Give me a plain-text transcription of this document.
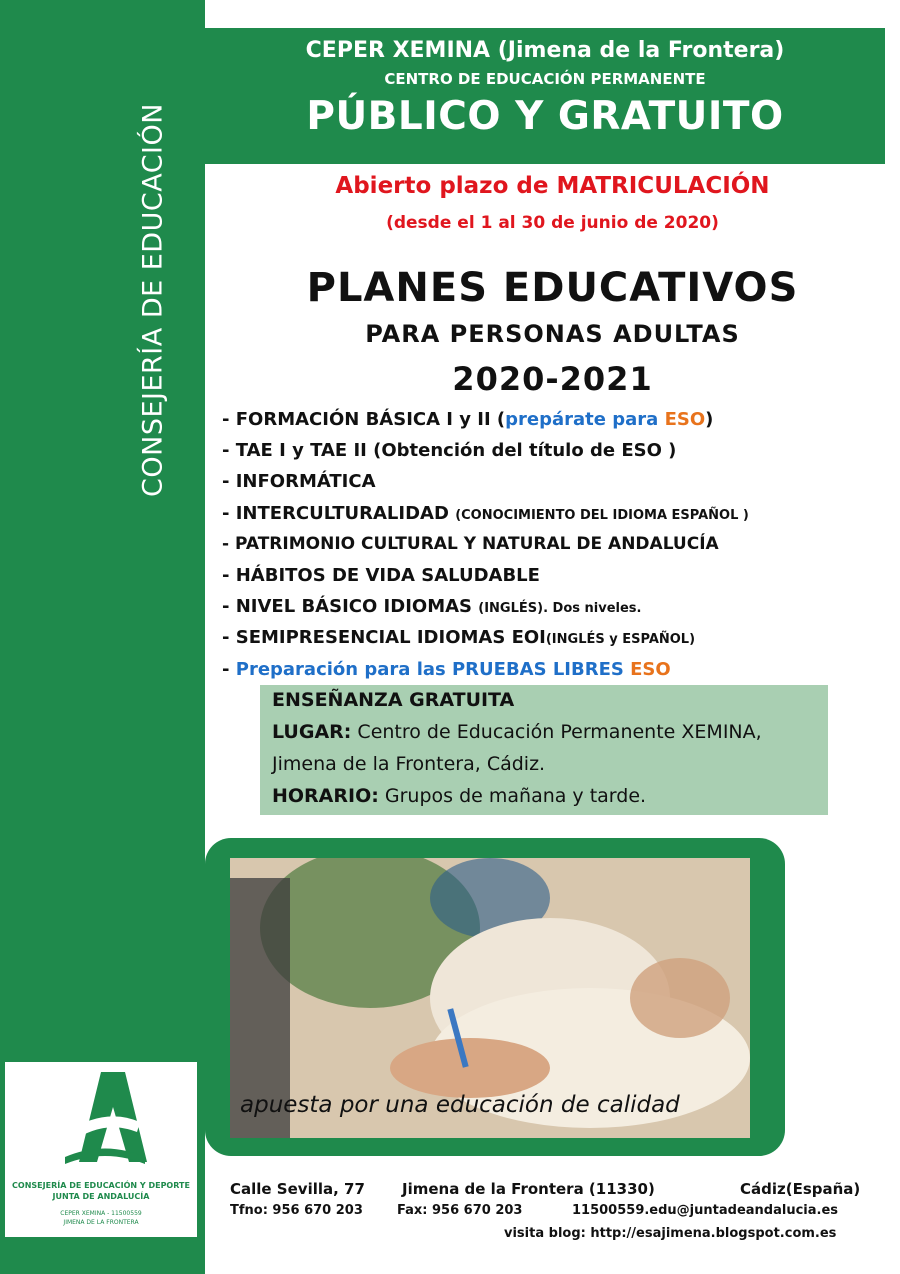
CONSEJERÍA DE EDUCACIÓN
CEPER XEMINA (Jimena de la Frontera)
CENTRO DE EDUCACIÓN PERMANENTE
PÚBLICO Y GRATUITO
Abierto plazo de MATRICULACIÓN
(desde el 1 al 30 de junio de 2020)
PLANES EDUCATIVOS
PARA PERSONAS ADULTAS
2020-2021
- FORMACIÓN BÁSICA I y II (prepárate para ESO)
- TAE I y TAE II (Obtención del título de ESO )
- INFORMÁTICA
- INTERCULTURALIDAD (CONOCIMIENTO DEL IDIOMA ESPAÑOL )
- PATRIMONIO CULTURAL Y NATURAL DE ANDALUCÍA
- HÁBITOS DE VIDA SALUDABLE
- NIVEL BÁSICO IDIOMAS (INGLÉS). Dos niveles.
- SEMIPRESENCIAL IDIOMAS EOI(INGLÉS y ESPAÑOL)
- Preparación para las PRUEBAS LIBRES ESO
ENSEÑANZA GRATUITA
LUGAR: Centro de Educación Permanente XEMINA,
Jimena de la Frontera, Cádiz.
HORARIO: Grupos de mañana y tarde.
apuesta por una educación de calidad
CONSEJERÍA DE EDUCACIÓN Y DEPORTE
JUNTA DE ANDALUCÍA
CEPER XEMINA - 11500559
JIMENA DE LA FRONTERA
Calle Sevilla, 77 Jimena de la Frontera (11330)	Cádiz(España)
Tfno: 956 670 203	Fax: 956 670 203	11500559.edu@juntadeandalucia.es
visita blog: http://esajimena.blogspot.com.es
